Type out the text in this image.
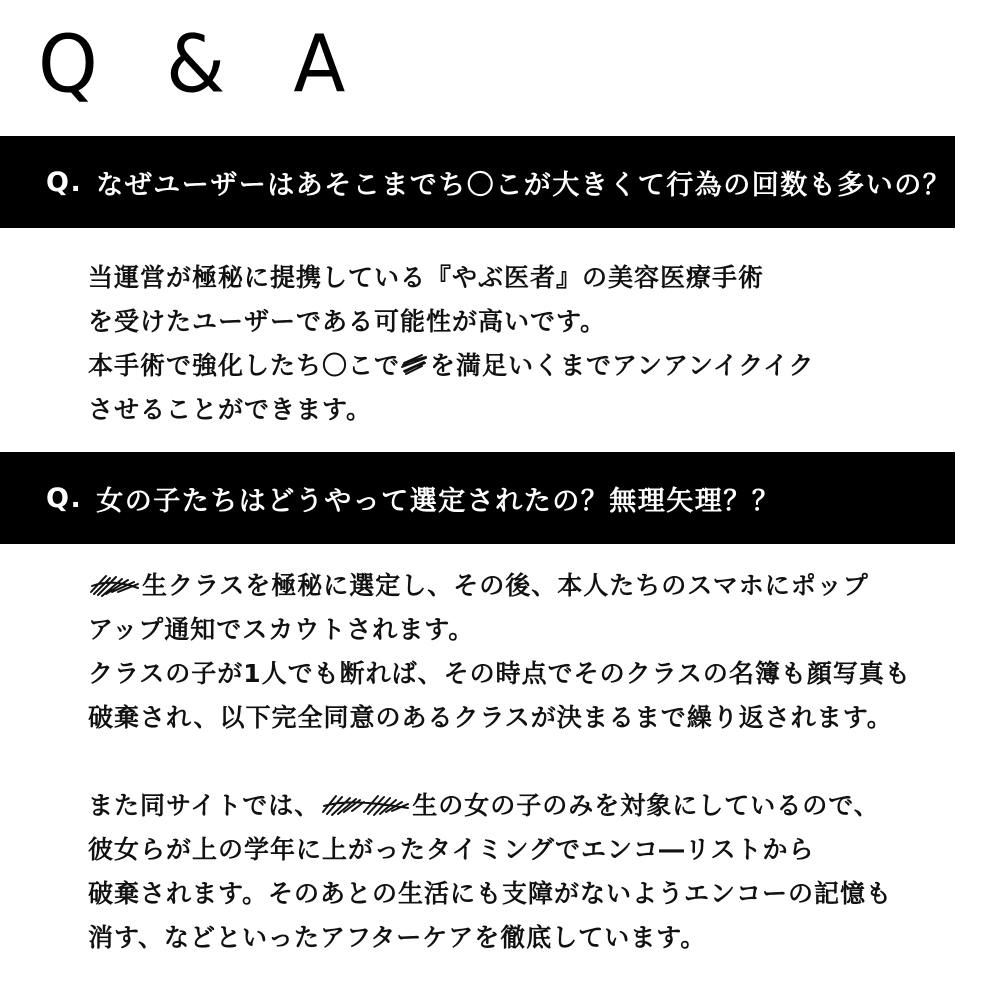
Q & A
Q. なぜユーザーはあそこまでち〇こが大きくて行為の回数も多いの？
当運営が極秘に提携している『やぶ医者』の美容医療手術
を受けたユーザーである可能性が高いです。
本手術で強化したち〇こで を満足いくまでアンアンイクイク
させることができます。
Q. 女の子たちはどうやって選定されたの？無理矢理？？
生クラスを極秘に選定し、その後、本人たちのスマホにポップ
アップ通知でスカウトされます。
クラスの子が1人でも断れば、その時点でそのクラスの名簿も顔写真も
破棄され、以下完全同意のあるクラスが決まるまで繰り返されます。
また同サイトでは、	生の女の子のみを対象にしているので、
彼女らが上の学年に上がったタイミングでエンコ―リストから
破棄されます。そのあとの生活にも支障がないようエンコーの記憶も
消す、などといったアフターケアを徹底しています。
